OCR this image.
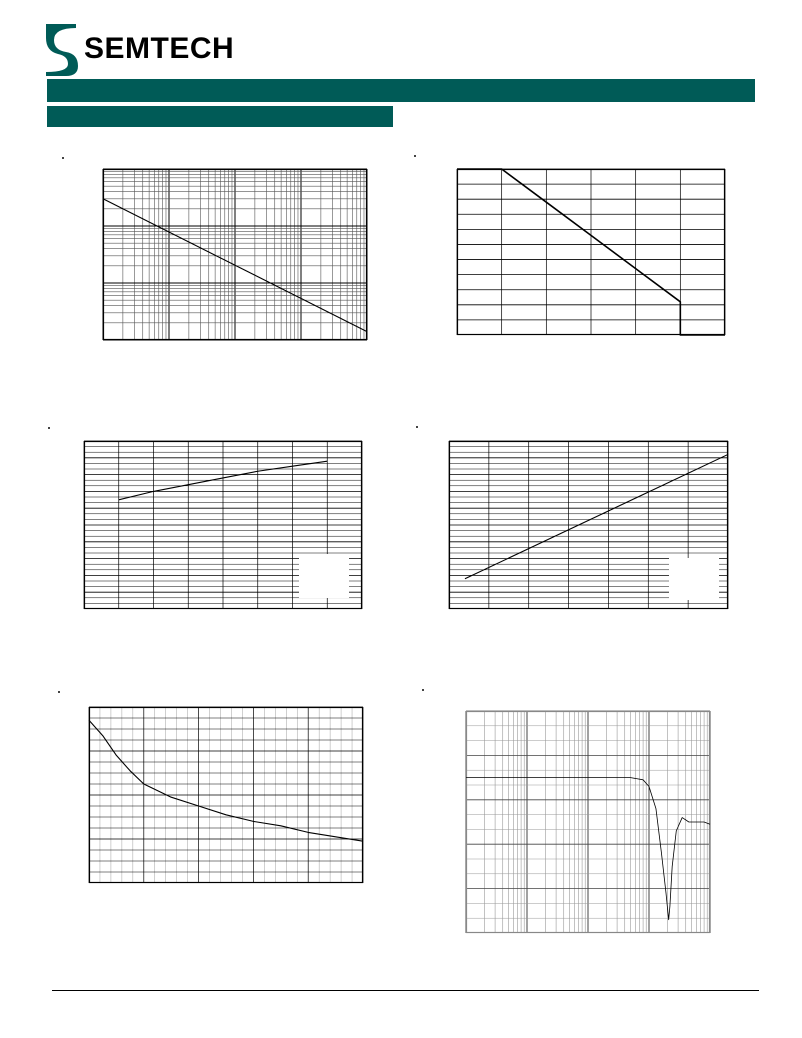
SEMTECH
